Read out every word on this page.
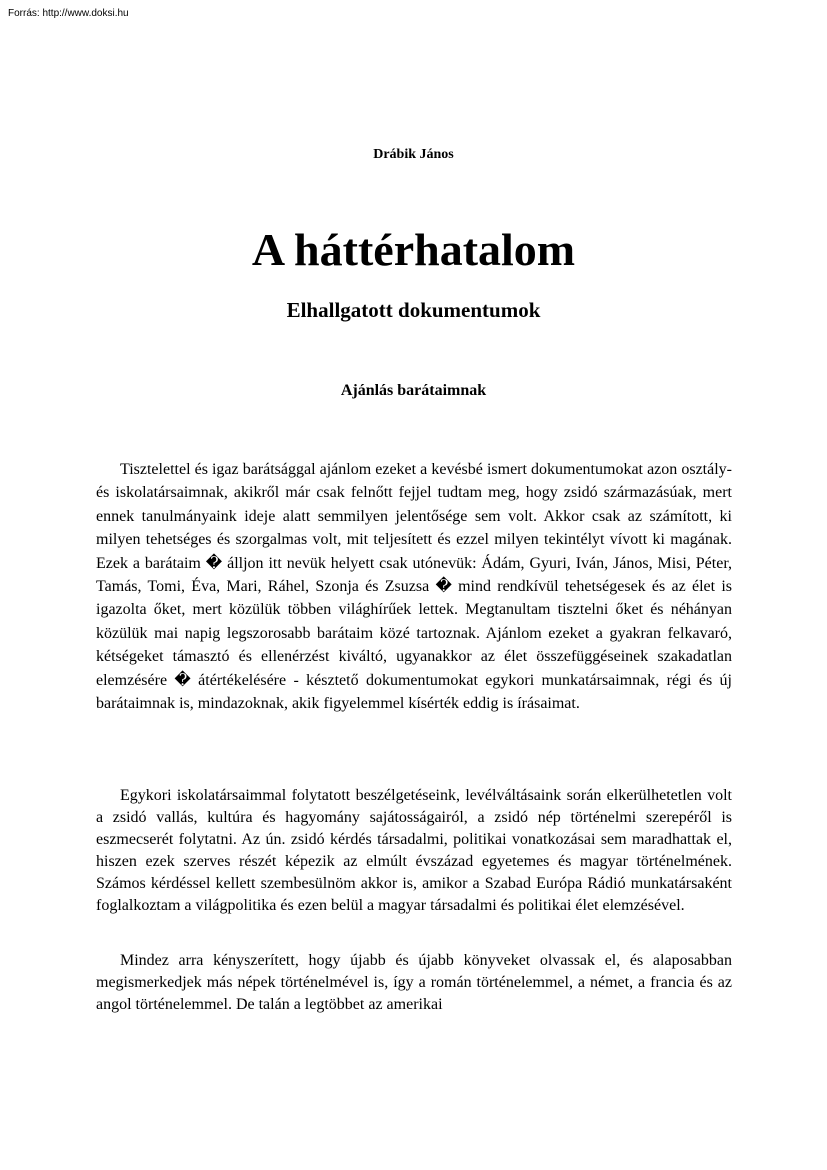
Forrás: http://www.doksi.hu
Drábik János
A háttérhatalom
Elhallgatott dokumentumok
Ajánlás barátaimnak

Tisztelettel és igaz barátsággal ajánlom ezeket a kevésbé ismert dokumentumokat azon osztály-és iskolatársaimnak, akikről már csak felnőtt fejjel tudtam meg, hogy zsidó származásúak, mert ennek tanulmányaink ideje alatt semmilyen jelentősége sem volt. Akkor csak az számított, ki milyen tehetséges és szorgalmas volt, mit teljesített és ezzel milyen tekintélyt vívott ki magának. Ezek a barátaim � álljon itt nevük helyett csak utónevük: Ádám, Gyuri, Iván, János, Misi, Péter, Tamás, Tomi, Éva, Mari, Ráhel, Szonja és Zsuzsa � mind rendkívül tehetségesek és az élet is igazolta őket, mert közülük többen világhírűek lettek. Megtanultam tisztelni őket és néhányan közülük mai napig legszorosabb barátaim közé tartoznak. Ajánlom ezeket a gyakran felkavaró, kétségeket támasztó és ellenérzést kiváltó, ugyanakkor az élet összefüggéseinek szakadatlan elemzésére � átértékelésére - késztető dokumentumokat egykori munkatársaimnak, régi és új barátaimnak is, mindazoknak, akik figyelemmel kísérték eddig is írásaimat.

Egykori iskolatársaimmal folytatott beszélgetéseink, levélváltásaink során elkerülhetetlen volt a zsidó vallás, kultúra és hagyomány sajátosságairól, a zsidó nép történelmi szerepéről is eszmecserét folytatni. Az ún. zsidó kérdés társadalmi, politikai vonatkozásai sem maradhattak el, hiszen ezek szerves részét képezik az elmúlt évszázad egyetemes és magyar történelmének. Számos kérdéssel kellett szembesülnöm akkor is, amikor a Szabad Európa Rádió munkatársaként foglalkoztam a világpolitika és ezen belül a magyar társadalmi és politikai élet elemzésével.

Mindez arra kényszerített, hogy újabb és újabb könyveket olvassak el, és alaposabban megismerkedjek más népek történelmével is, így a román történelemmel, a német, a francia és az angol történelemmel. De talán a legtöbbet az amerikai
